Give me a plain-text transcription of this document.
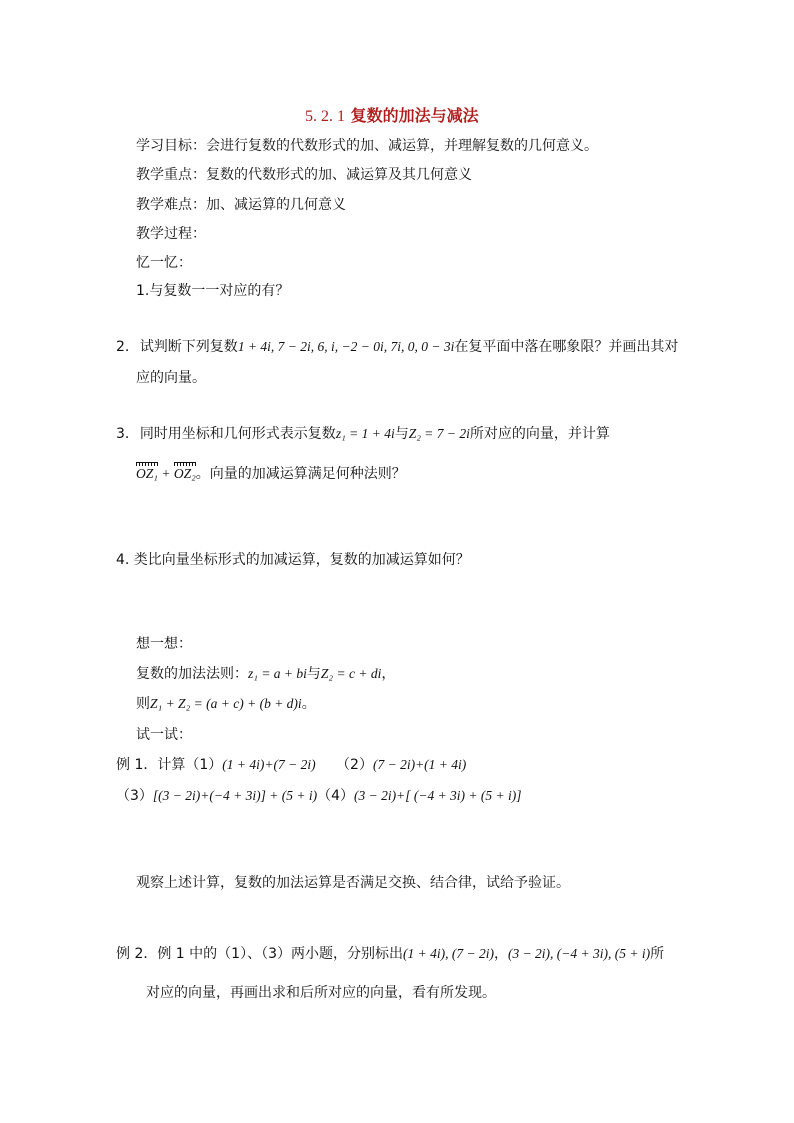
5. 2. 1 复数的加法与减法
学习目标：会进行复数的代数形式的加、减运算，并理解复数的几何意义。
教学重点：复数的代数形式的加、减运算及其几何意义
教学难点：加、减运算的几何意义
教学过程：
忆一忆：
1.与复数一一对应的有？
2. 试判断下列复数1 + 4i, 7 − 2i, 6, i, −2 − 0i, 7i, 0, 0 − 3i在复平面中落在哪象限？并画出其对
应的向量。
3. 同时用坐标和几何形式表示复数z₁ = 1 + 4i与Z₂ = 7 − 2i所对应的向量，并计算
OZ₁ + OZ₂。向量的加减运算满足何种法则？
4. 类比向量坐标形式的加减运算，复数的加减运算如何？
想一想：
复数的加法法则：z₁ = a + bi与Z₂ = c + di，
则Z₁ + Z₂ = (a + c) + (b + d)i。
试一试：
例 1．计算（1）(1 + 4i)+(7 − 2i) （2）(7 − 2i)+(1 + 4i)
（3）[(3 − 2i)+(−4 + 3i)] + (5 + i)（4）(3 − 2i)+[ (−4 + 3i) + (5 + i)]
观察上述计算，复数的加法运算是否满足交换、结合律，试给予验证。
例 2．例 1 中的（1）、（3）两小题，分别标出(1 + 4i), (7 − 2i)，(3 − 2i), (−4 + 3i), (5 + i)所
对应的向量，再画出求和后所对应的向量，看有所发现。
